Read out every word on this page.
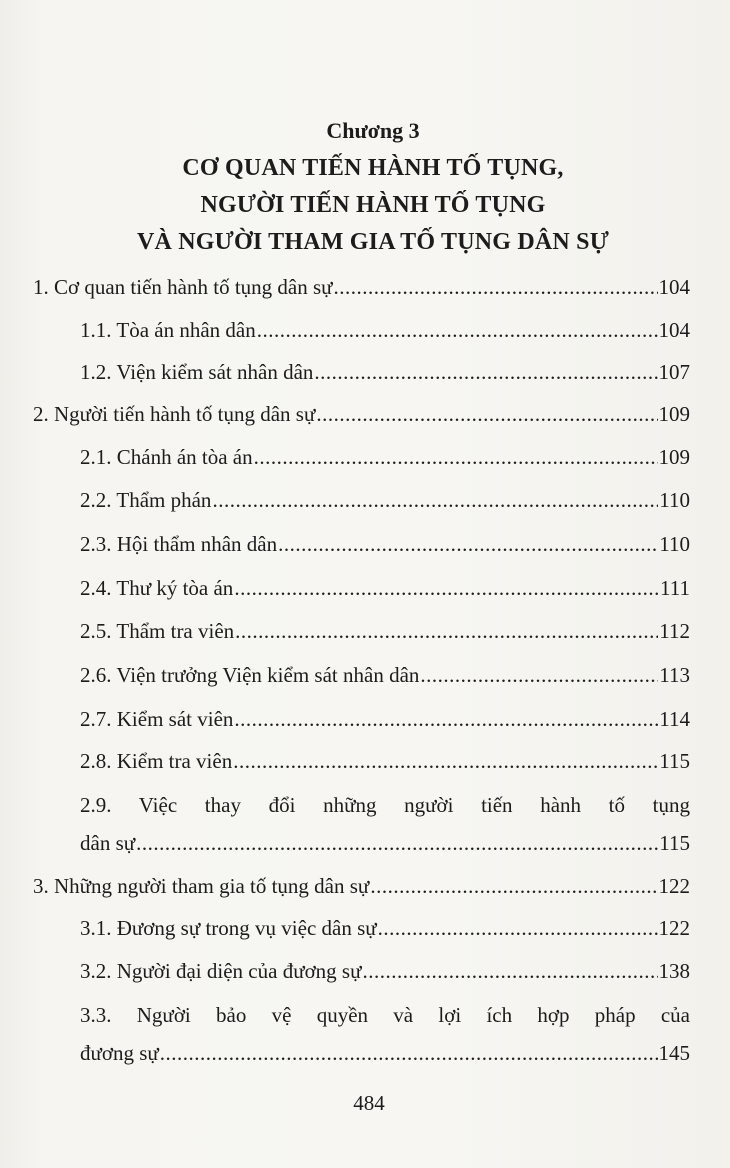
Chương 3
CƠ QUAN TIẾN HÀNH TỐ TỤNG,
NGƯỜI TIẾN HÀNH TỐ TỤNG
VÀ NGƯỜI THAM GIA TỐ TỤNG DÂN SỰ
1. Cơ quan tiến hành tố tụng dân sự .....	104
1.1. Tòa án nhân dân .....	104
1.2. Viện kiểm sát nhân dân .....	107
2. Người tiến hành tố tụng dân sự .....	109
2.1. Chánh án tòa án .....	109
2.2. Thẩm phán .....	110
2.3. Hội thẩm nhân dân .....	110
2.4. Thư ký tòa án .....	111
2.5. Thẩm tra viên .....	112
2.6. Viện trưởng Viện kiểm sát nhân dân .....	113
2.7. Kiểm sát viên .....	114
2.8. Kiểm tra viên .....	115
2.9. Việc thay đổi những người tiến hành tố tụng
dân sự .....	115
3. Những người tham gia tố tụng dân sự .....	122
3.1. Đương sự trong vụ việc dân sự .....	122
3.2. Người đại diện của đương sự .....	138
3.3. Người bảo vệ quyền và lợi ích hợp pháp của
đương sự .....	145
484
